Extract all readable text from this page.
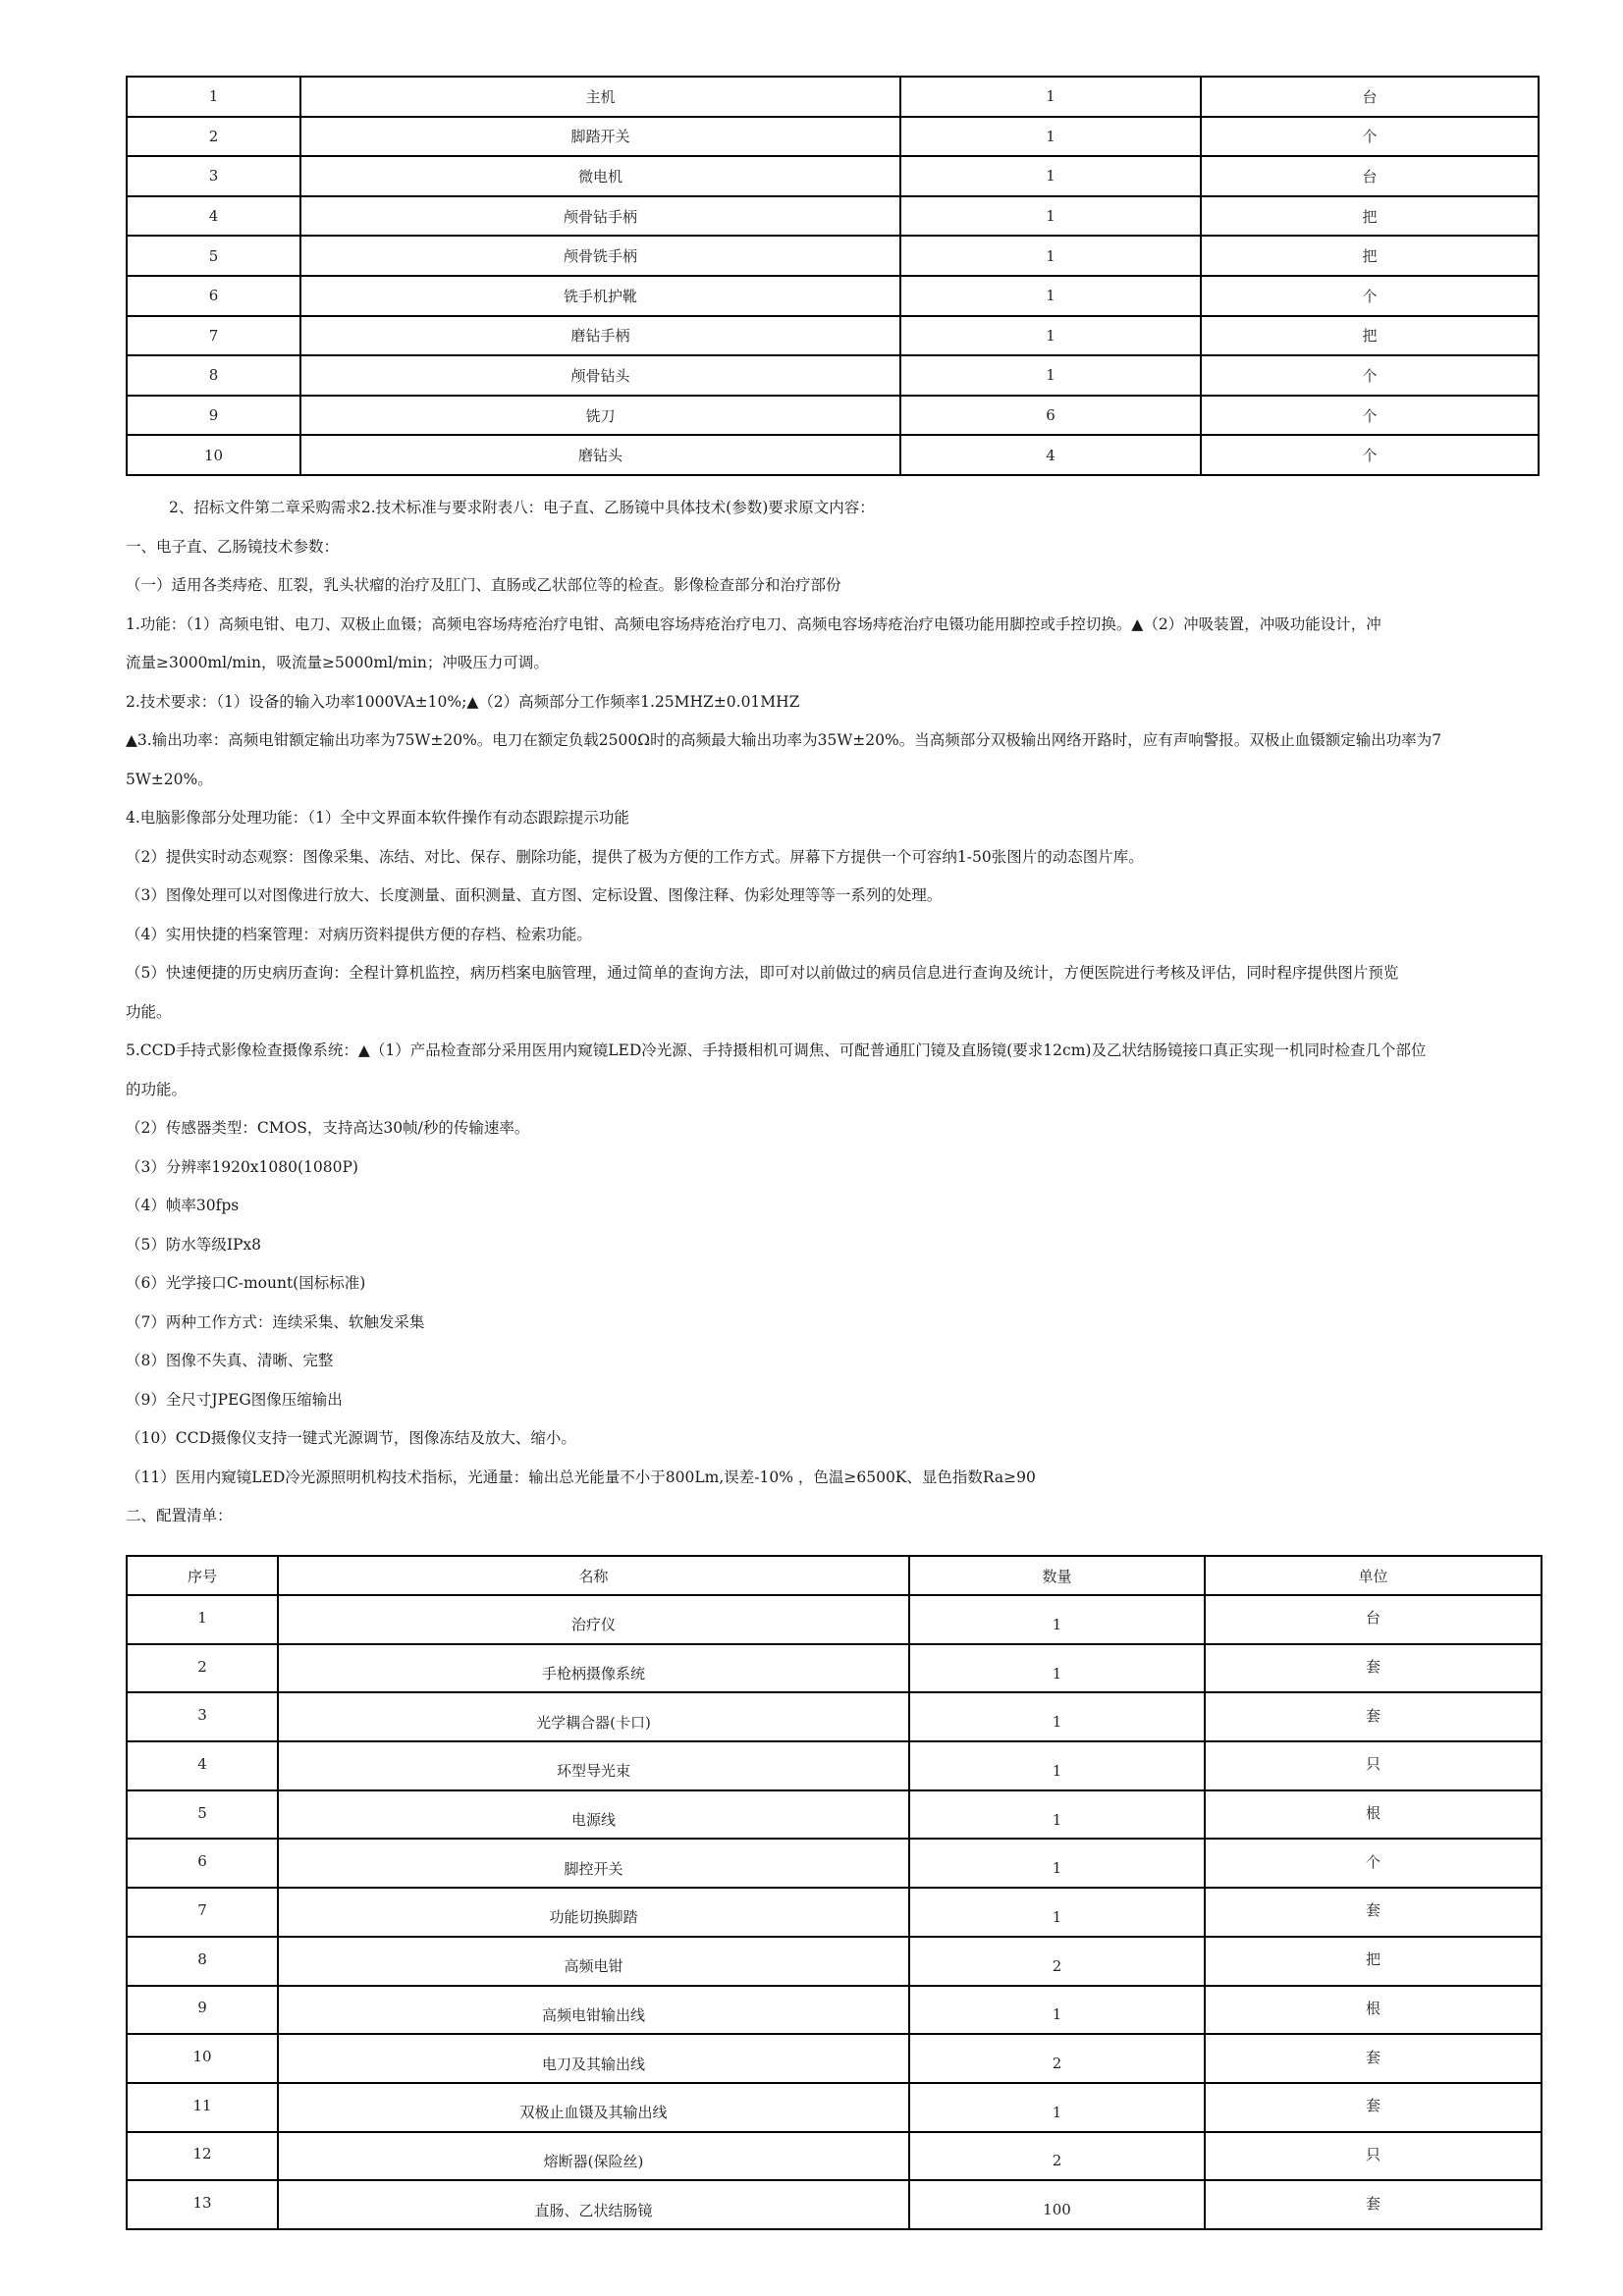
1	主机	1	台
2	脚踏开关	1	个
3	微电机	1	台
4	颅骨钻手柄	1	把
5	颅骨铣手柄	1	把
6	铣手机护靴	1	个
7	磨钻手柄	1	把
8	颅骨钻头	1	个
9	铣刀	6	个
10	磨钻头	4	个

2、招标文件第二章采购需求2.技术标准与要求附表八：电子直、乙肠镜中具体技术(参数)要求原文内容：

一、电子直、乙肠镜技术参数：

（一）适用各类痔疮、肛裂，乳头状瘤的治疗及肛门、直肠或乙状部位等的检查。影像检查部分和治疗部份

1.功能：（1）高频电钳、电刀、双极止血镊；高频电容场痔疮治疗电钳、高频电容场痔疮治疗电刀、高频电容场痔疮治疗电镊功能用脚控或手控切换。▲（2）冲吸装置，冲吸功能设计，冲

流量≥3000ml/min，吸流量≥5000ml/min；冲吸压力可调。

2.技术要求：（1）设备的输入功率1000VA±10%;▲（2）高频部分工作频率1.25MHZ±0.01MHZ

▲3.输出功率：高频电钳额定输出功率为75W±20%。电刀在额定负载2500Ω时的高频最大输出功率为35W±20%。当高频部分双极输出网络开路时，应有声响警报。双极止血镊额定输出功率为7

5W±20%。

4.电脑影像部分处理功能：（1）全中文界面本软件操作有动态跟踪提示功能

（2）提供实时动态观察：图像采集、冻结、对比、保存、删除功能，提供了极为方便的工作方式。屏幕下方提供一个可容纳1-50张图片的动态图片库。

（3）图像处理可以对图像进行放大、长度测量、面积测量、直方图、定标设置、图像注释、伪彩处理等等一系列的处理。

（4）实用快捷的档案管理：对病历资料提供方便的存档、检索功能。

（5）快速便捷的历史病历查询：全程计算机监控，病历档案电脑管理，通过简单的查询方法，即可对以前做过的病员信息进行查询及统计，方便医院进行考核及评估，同时程序提供图片预览

功能。

5.CCD手持式影像检查摄像系统：▲（1）产品检查部分采用医用内窥镜LED冷光源、手持摄相机可调焦、可配普通肛门镜及直肠镜(要求12cm)及乙状结肠镜接口真正实现一机同时检查几个部位

的功能。

（2）传感器类型：CMOS，支持高达30帧/秒的传输速率。

（3）分辨率1920x1080(1080P)

（4）帧率30fps

（5）防水等级IPx8

（6）光学接口C-mount(国标标准)

（7）两种工作方式：连续采集、软触发采集

（8）图像不失真、清晰、完整

（9）全尺寸JPEG图像压缩输出

（10）CCD摄像仪支持一键式光源调节，图像冻结及放大、缩小。

（11）医用内窥镜LED冷光源照明机构技术指标，光通量：输出总光能量不小于800Lm,误差-10% ，色温≥6500K、显色指数Ra≥90

二、配置清单：

序号	名称	数量	单位
1	治疗仪	1	台
2	手枪柄摄像系统	1	套
3	光学耦合器(卡口)	1	套
4	环型导光束	1	只
5	电源线	1	根
6	脚控开关	1	个
7	功能切换脚踏	1	套
8	高频电钳	2	把
9	高频电钳输出线	1	根
10	电刀及其输出线	2	套
11	双极止血镊及其输出线	1	套
12	熔断器(保险丝)	2	只
13	直肠、乙状结肠镜	100	套
